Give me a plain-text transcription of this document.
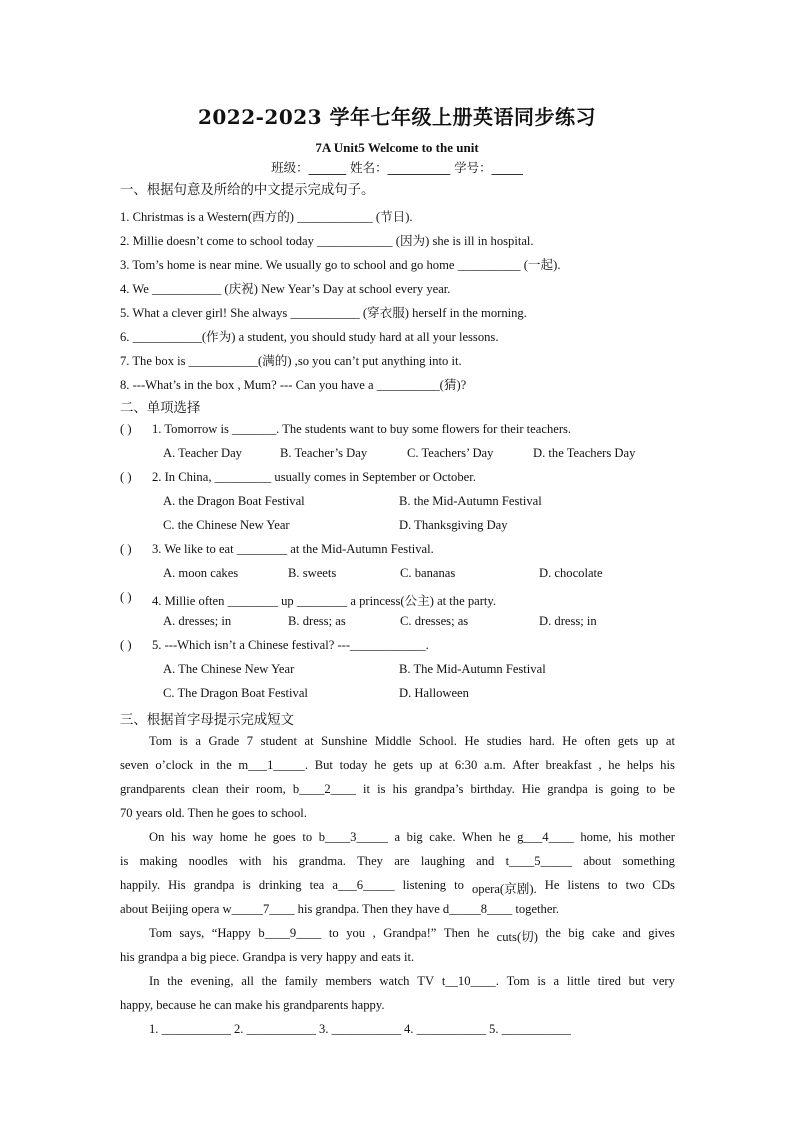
2022-2023 学年七年级上册英语同步练习
7A Unit5 Welcome to the unit
班级：______ 姓名：__________ 学号：_____
一、根据句意及所给的中文提示完成句子。
1. Christmas is a Western(西方的) ____________ (节日).
2. Millie doesn’t come to school today ____________ (因为) she is ill in hospital.
3. Tom’s home is near mine. We usually go to school and go home __________ (一起).
4. We ___________ (庆祝) New Year’s Day at school every year.
5. What a clever girl! She always ___________ (穿衣服) herself in the morning.
6. ___________(作为) a student, you should study hard at all your lessons.
7. The box is ___________(满的) ,so you can’t put anything into it.
8. ---What’s in the box , Mum? --- Can you have a __________(猜)?
二、单项选择
( ) 1. Tomorrow is _______. The students want to buy some flowers for their teachers.
A. Teacher Day	B. Teacher’s Day	C. Teachers’ Day	D. the Teachers Day
( ) 2. In China, _________ usually comes in September or October.
A. the Dragon Boat Festival	B. the Mid-Autumn Festival
C. the Chinese New Year	D. Thanksgiving Day
( ) 3. We like to eat ________ at the Mid-Autumn Festival.
A. moon cakes	B. sweets	C. bananas	D. chocolate
( ) 4. Millie often ________ up ________ a princess(公主) at the party.
A. dresses; in	B. dress; as	C. dresses; as	D. dress; in
( ) 5. ---Which isn’t a Chinese festival? ---____________.
A. The Chinese New Year	B. The Mid-Autumn Festival
C. The Dragon Boat Festival	D. Halloween
三、根据首字母提示完成短文
Tom is a Grade 7 student at Sunshine Middle School. He studies hard. He often gets up at
seven o’clock in the m___1_____. But today he gets up at 6:30 a.m. After breakfast , he helps his
grandparents clean their room, b____2____ it is his grandpa’s birthday. Hie grandpa is going to be
70 years old. Then he goes to school.
On his way home he goes to b____3_____ a big cake. When he g___4____ home, his mother
is making noodles with his grandma. They are laughing and t____5_____ about something
happily. His grandpa is drinking tea a___6_____ listening to opera(京剧). He listens to two CDs
about Beijing opera w_____7____ his grandpa. Then they have d_____8____ together.
Tom says, “Happy b____9____ to you , Grandpa!” Then he cuts(切) the big cake and gives
his grandpa a big piece. Grandpa is very happy and eats it.
In the evening, all the family members watch TV t__10____. Tom is a little tired but very
happy, because he can make his grandparents happy.
1. ___________ 2. ___________ 3. ___________ 4. ___________ 5. ___________
